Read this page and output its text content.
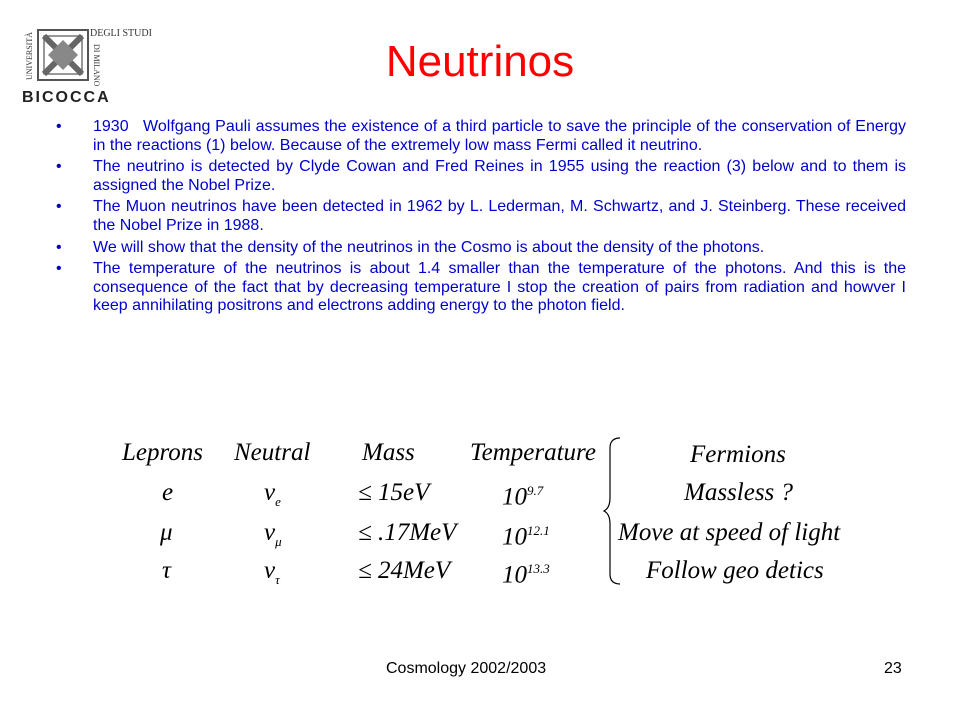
DEGLI STUDI
UNIVERSITÀ	DI MILANO
BICOCCA
Neutrinos
• 1930   Wolfgang Pauli assumes the existence of a third particle to save the principle of the conservation of Energy in the reactions (1) below. Because of the extremely low mass Fermi called it neutrino.
• The neutrino is detected by Clyde Cowan and Fred Reines in 1955 using the reaction (3) below and to them is assigned the Nobel Prize.
• The Muon neutrinos have been detected in 1962 by L. Lederman, M. Schwartz, and J. Steinberg. These received the Nobel Prize in 1988.
• We will show that the density of the neutrinos in the Cosmo is about the density of the photons.
• The temperature of the neutrinos is about 1.4 smaller than the temperature of the photons. And this is the consequence of the fact that by decreasing temperature I stop the creation of pairs from radiation and howver I keep annihilating positrons and electrons adding energy to the photon field.
Leprons Neutral Mass Temperature	Fermions
e	$\nu_e$	≤ 15eV	$10^{9.7}$	Massless ?
μ	$\nu_\mu$	≤ .17MeV $10^{12.1}$	Move at speed of light
τ	$\nu_\tau$	≤ 24MeV $10^{13.3}$	Follow geo detics
Cosmology 2002/2003	23
